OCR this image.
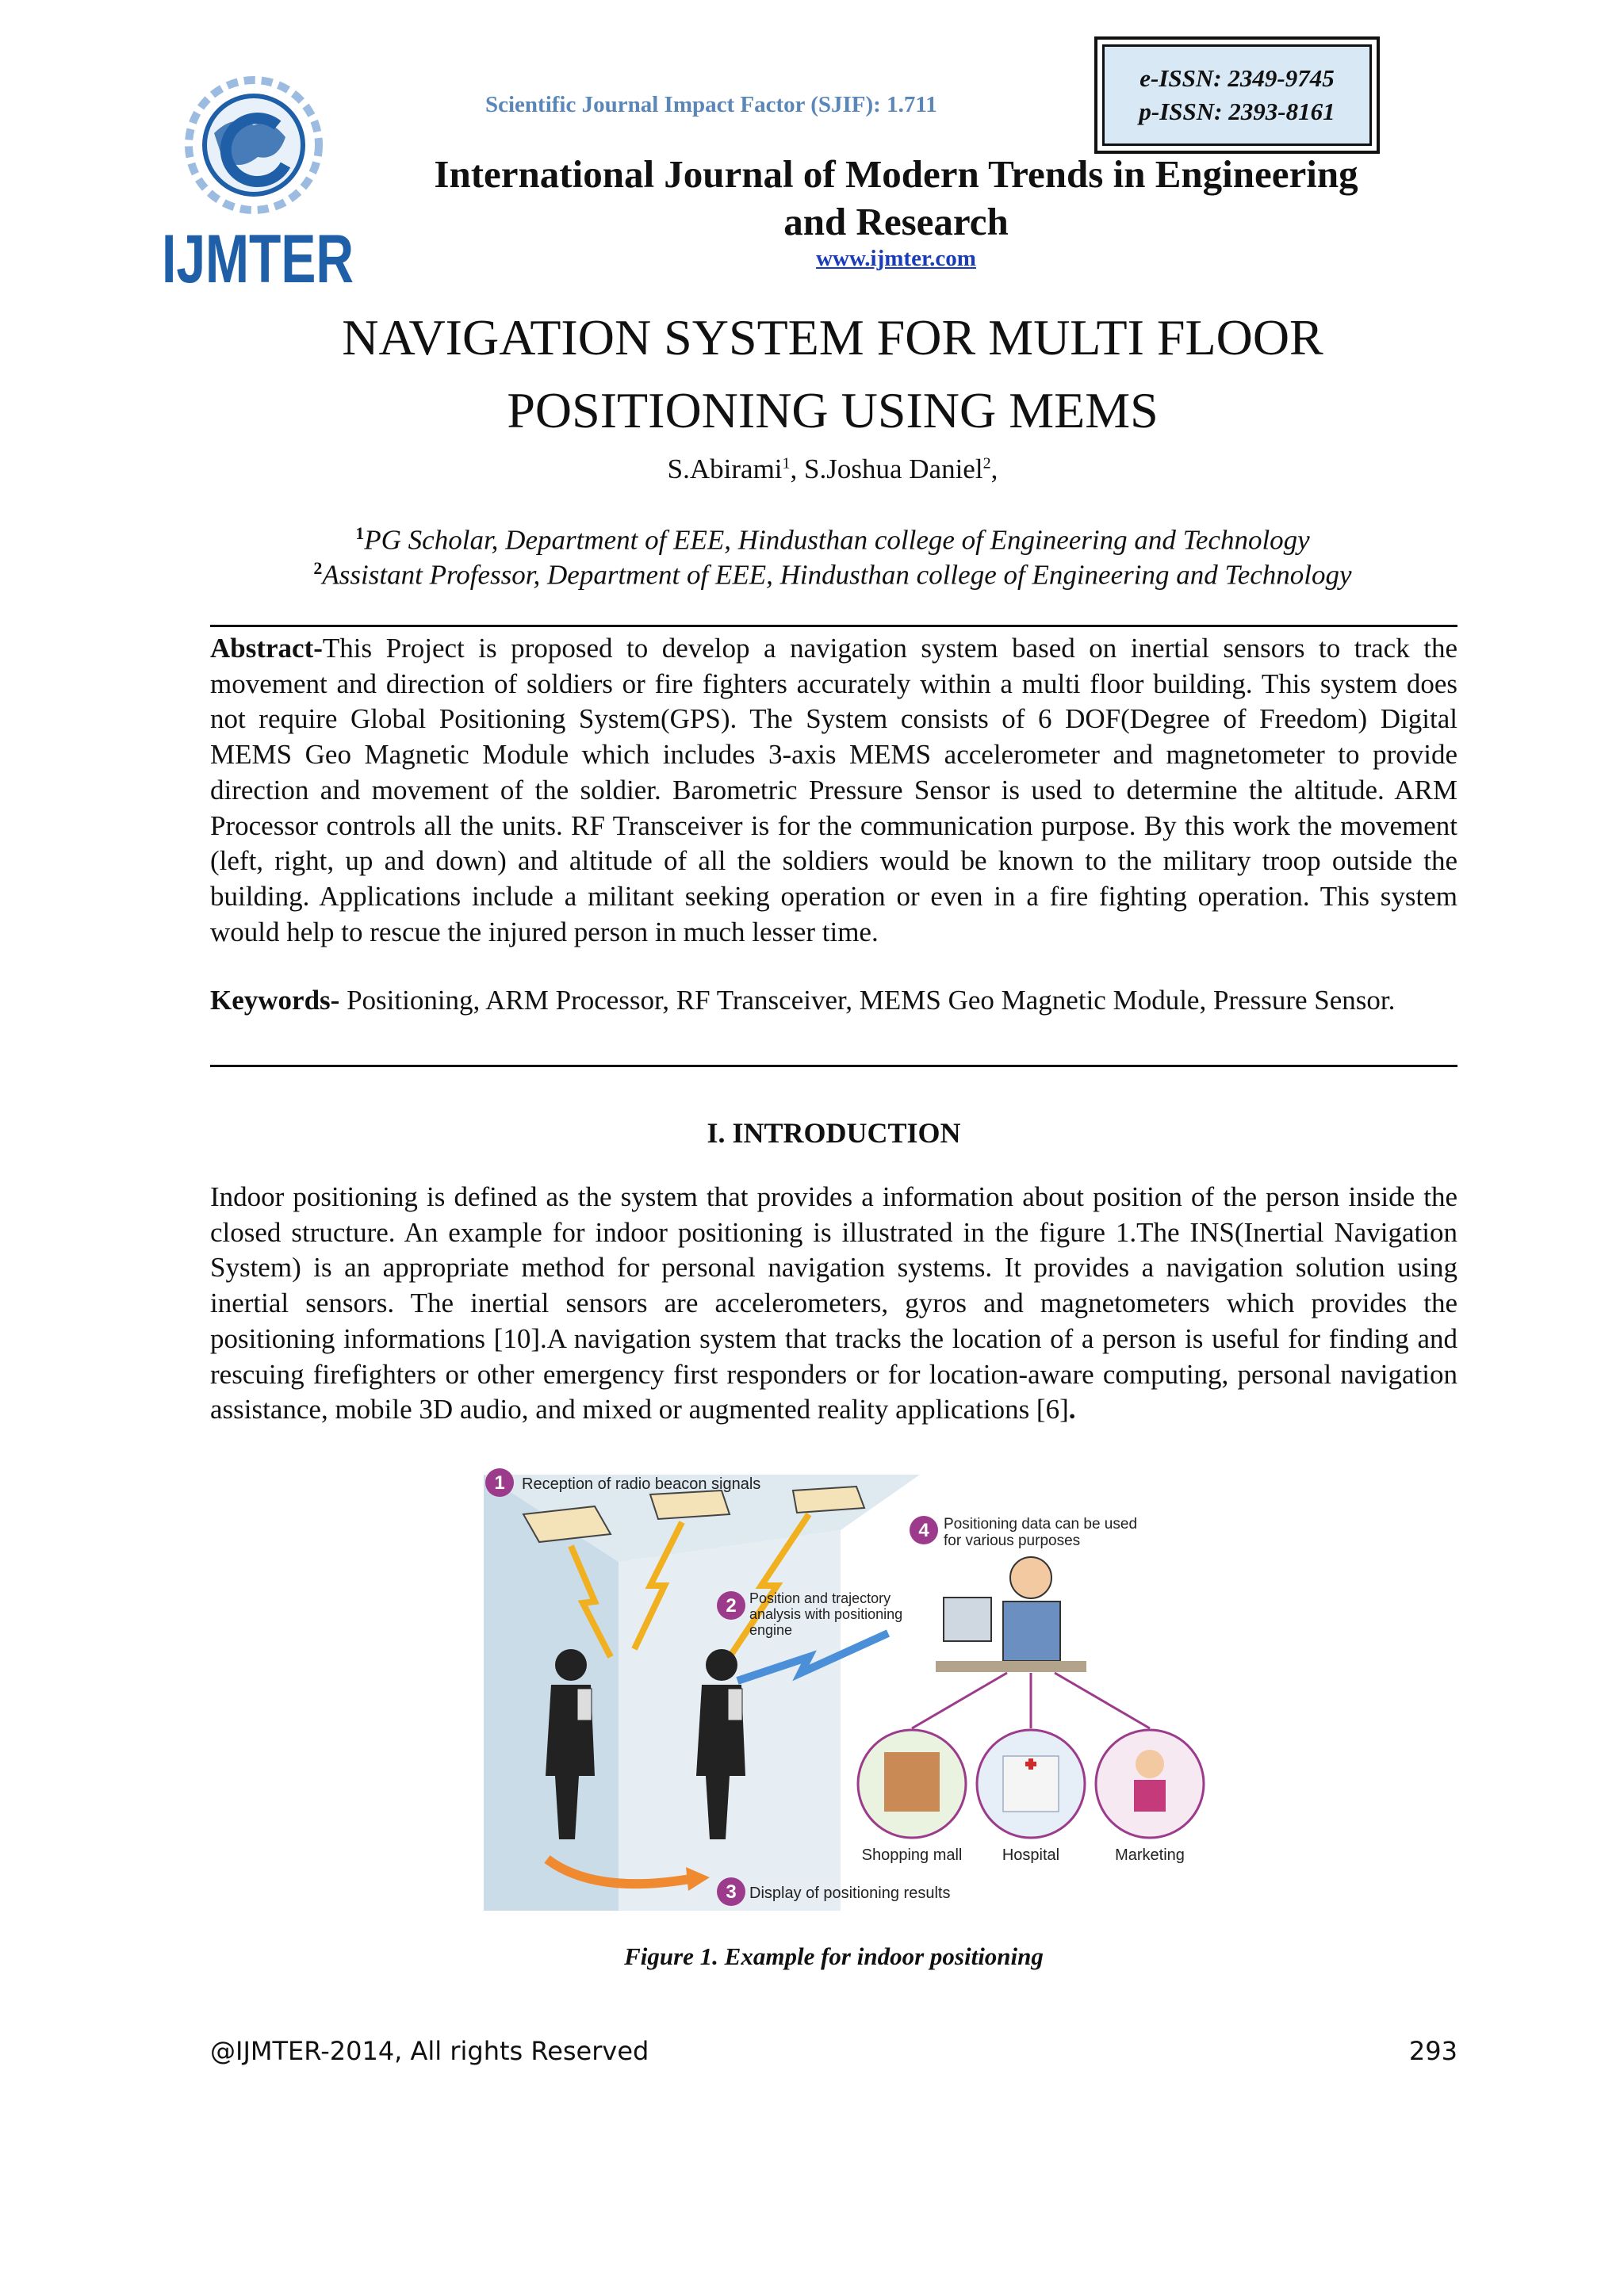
IJMTER
Scientific Journal Impact Factor (SJIF): 1.711
e-ISSN: 2349-9745
p-ISSN: 2393-8161
International Journal of Modern Trends in Engineering
and Research
www.ijmter.com
NAVIGATION SYSTEM FOR MULTI FLOOR
POSITIONING USING MEMS
S.Abirami$^1$, S.Joshua Daniel$^2$,
$^1$PG Scholar, Department of EEE, Hindusthan college of Engineering and Technology
$^2$Assistant Professor, Department of EEE, Hindusthan college of Engineering and Technology
Abstract-This Project is proposed to develop a navigation system based on inertial sensors to track the movement and direction of soldiers or fire fighters accurately within a multi floor building. This system does not require Global Positioning System(GPS). The System consists of 6 DOF(Degree of Freedom) Digital MEMS Geo Magnetic Module which includes 3-axis MEMS accelerometer and magnetometer to provide direction and movement of the soldier. Barometric Pressure Sensor is used to determine the altitude. ARM Processor controls all the units. RF Transceiver is for the communication purpose. By this work the movement (left, right, up and down) and altitude of all the soldiers would be known to the military troop outside the building. Applications include a militant seeking operation or even in a fire fighting operation. This system would help to rescue the injured person in much lesser time.
Keywords- Positioning, ARM Processor, RF Transceiver, MEMS Geo Magnetic Module, Pressure Sensor.
I. INTRODUCTION
Indoor positioning is defined as the system that provides a information about position of the person inside the closed structure. An example for indoor positioning is illustrated in the figure 1.The INS(Inertial Navigation System) is an appropriate method for personal navigation systems. It provides a navigation solution using inertial sensors. The inertial sensors are accelerometers, gyros and magnetometers which provides the positioning informations [10].A navigation system that tracks the location of a person is useful for finding and rescuing firefighters or other emergency first responders or for location-aware computing, personal navigation assistance, mobile 3D audio, and mixed or augmented reality applications [6].
1 Reception of radio beacon signals
2 Position and trajectory
analysis with positioning
engine
3 Display of positioning results
4 Positioning data can be used
for various purposes
Shopping mall	Hospital	Marketing
Figure 1. Example for indoor positioning
@IJMTER-2014, All rights Reserved	293
